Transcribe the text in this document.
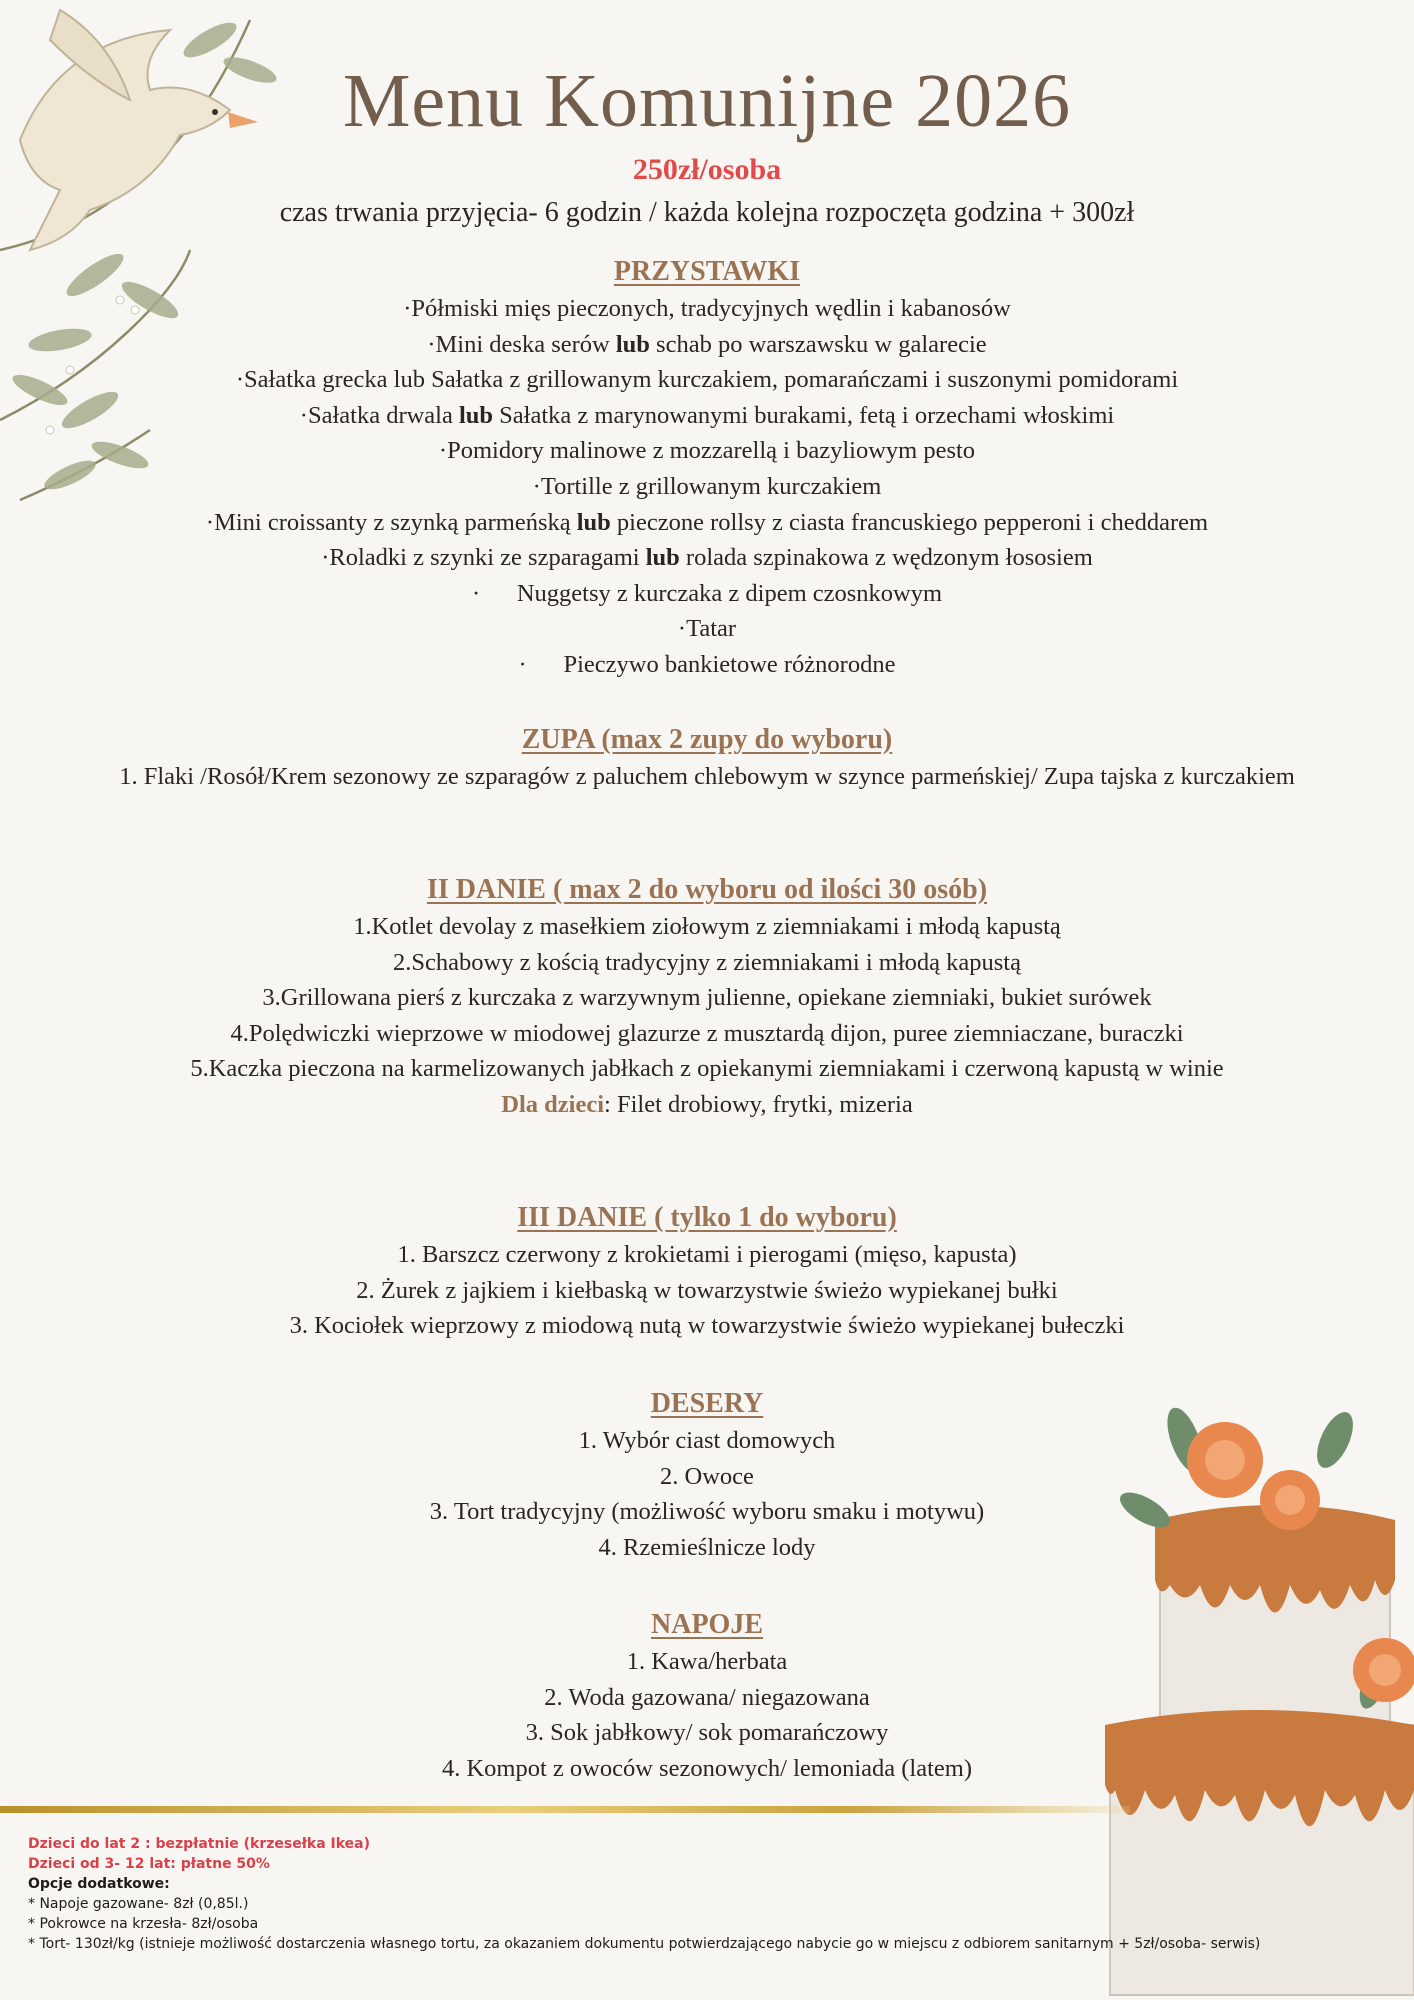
Menu Komunijne 2026
250zł/osoba
czas trwania przyjęcia- 6 godzin / każda kolejna rozpoczęta godzina + 300zł
PRZYSTAWKI
·Półmiski mięs pieczonych, tradycyjnych wędlin i kabanosów
·Mini deska serów lub schab po warszawsku w galarecie
·Sałatka grecka lub Sałatka z grillowanym kurczakiem, pomarańczami i suszonymi pomidorami
·Sałatka drwala lub Sałatka z marynowanymi burakami, fetą i orzechami włoskimi
·Pomidory malinowe z mozzarellą i bazyliowym pesto
·Tortille z grillowanym kurczakiem
·Mini croissanty z szynką parmeńską lub pieczone rollsy z ciasta francuskiego pepperoni i cheddarem
·Roladki z szynki ze szparagami lub rolada szpinakowa z wędzonym łososiem
·      Nuggetsy z kurczaka z dipem czosnkowym
·Tatar
·      Pieczywo bankietowe różnorodne
ZUPA (max 2 zupy do wyboru)
1. Flaki /Rosół/Krem sezonowy ze szparagów z paluchem chlebowym w szynce parmeńskiej/ Zupa tajska z kurczakiem
II DANIE ( max 2 do wyboru od ilości 30 osób)
1.Kotlet devolay z masełkiem ziołowym z ziemniakami i młodą kapustą
2.Schabowy z kością tradycyjny z ziemniakami i młodą kapustą
3.Grillowana pierś z kurczaka z warzywnym julienne, opiekane ziemniaki, bukiet surówek
4.Polędwiczki wieprzowe w miodowej glazurze z musztardą dijon, puree ziemniaczane, buraczki
5.Kaczka pieczona na karmelizowanych jabłkach z opiekanymi ziemniakami i czerwoną kapustą w winie
Dla dzieci: Filet drobiowy, frytki, mizeria
III DANIE ( tylko 1 do wyboru)
1. Barszcz czerwony z krokietami i pierogami (mięso, kapusta)
2. Żurek z jajkiem i kiełbaską w towarzystwie świeżo wypiekanej bułki
3. Kociołek wieprzowy z miodową nutą w towarzystwie świeżo wypiekanej bułeczki
DESERY
1. Wybór ciast domowych
2. Owoce
3. Tort tradycyjny (możliwość wyboru smaku i motywu)
4. Rzemieślnicze lody
NAPOJE
1. Kawa/herbata
2. Woda gazowana/ niegazowana
3. Sok jabłkowy/ sok pomarańczowy
4. Kompot z owoców sezonowych/ lemoniada (latem)
Dzieci do lat 2 : bezpłatnie (krzesełka Ikea)
Dzieci od 3- 12 lat: płatne 50%
Opcje dodatkowe:
* Napoje gazowane- 8zł (0,85l.)
* Pokrowce na krzesła- 8zł/osoba
* Tort- 130zł/kg (istnieje możliwość dostarczenia własnego tortu, za okazaniem dokumentu potwierdzającego nabycie go w miejscu z odbiorem sanitarnym + 5zł/osoba- serwis)
